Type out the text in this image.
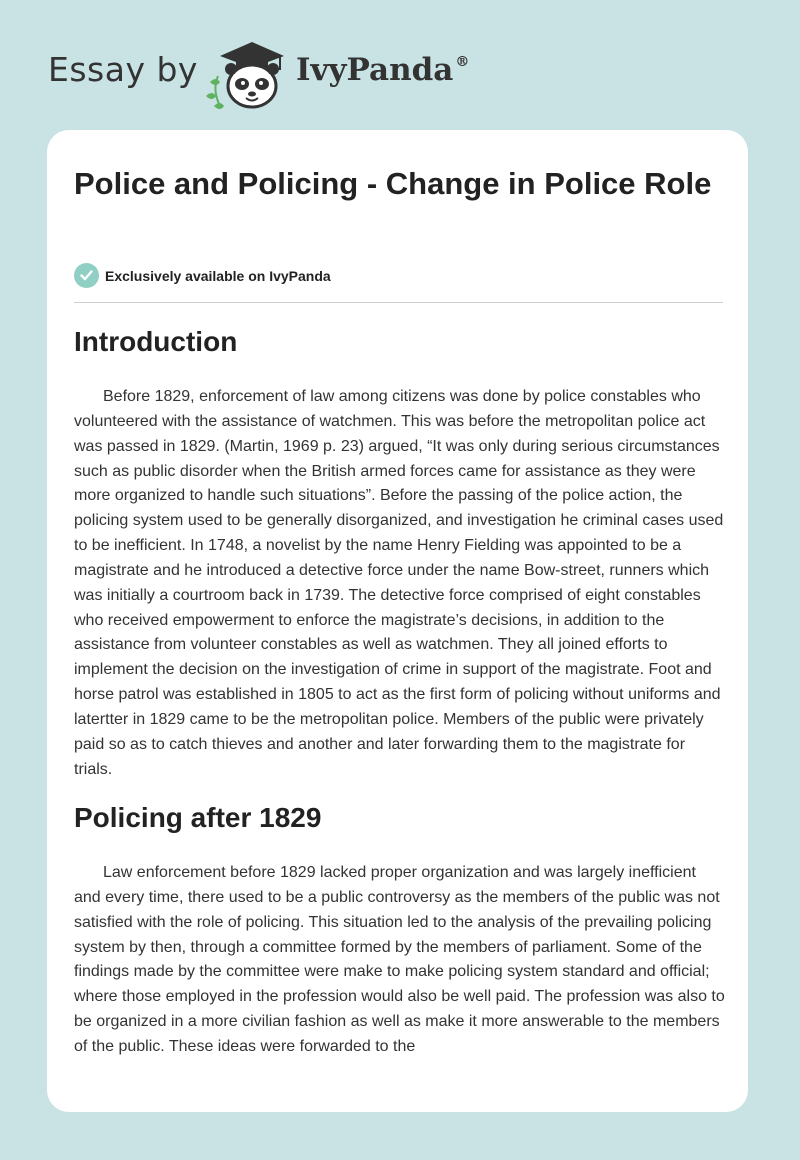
Essay by	IvyPanda ®
Police and Policing - Change in Police Role
Exclusively available on IvyPanda
Introduction

Before 1829, enforcement of law among citizens was done by police constables who volunteered with the assistance of watchmen. This was before the metropolitan police act was passed in 1829. (Martin, 1969 p. 23) argued, “It was only during serious circumstances such as public disorder when the British armed forces came for assistance as they were more organized to handle such situations”. Before the passing of the police action, the policing system used to be generally disorganized, and investigation he criminal cases used to be inefficient. In 1748, a novelist by the name Henry Fielding was appointed to be a magistrate and he introduced a detective force under the name Bow-street, runners which was initially a courtroom back in 1739. The detective force comprised of eight constables who received empowerment to enforce the magistrate’s decisions, in addition to the assistance from volunteer constables as well as watchmen. They all joined efforts to implement the decision on the investigation of crime in support of the magistrate. Foot and horse patrol was established in 1805 to act as the first form of policing without uniforms and latertter in 1829 came to be the metropolitan police. Members of the public were privately paid so as to catch thieves and another and later forwarding them to the magistrate for trials.

Policing after 1829

Law enforcement before 1829 lacked proper organization and was largely inefficient and every time, there used to be a public controversy as the members of the public was not satisfied with the role of policing. This situation led to the analysis of the prevailing policing system by then, through a committee formed by the members of parliament. Some of the findings made by the committee were make to make policing system standard and official; where those employed in the profession would also be well paid. The profession was also to be organized in a more civilian fashion as well as make it more answerable to the members of the public. These ideas were forwarded to the
